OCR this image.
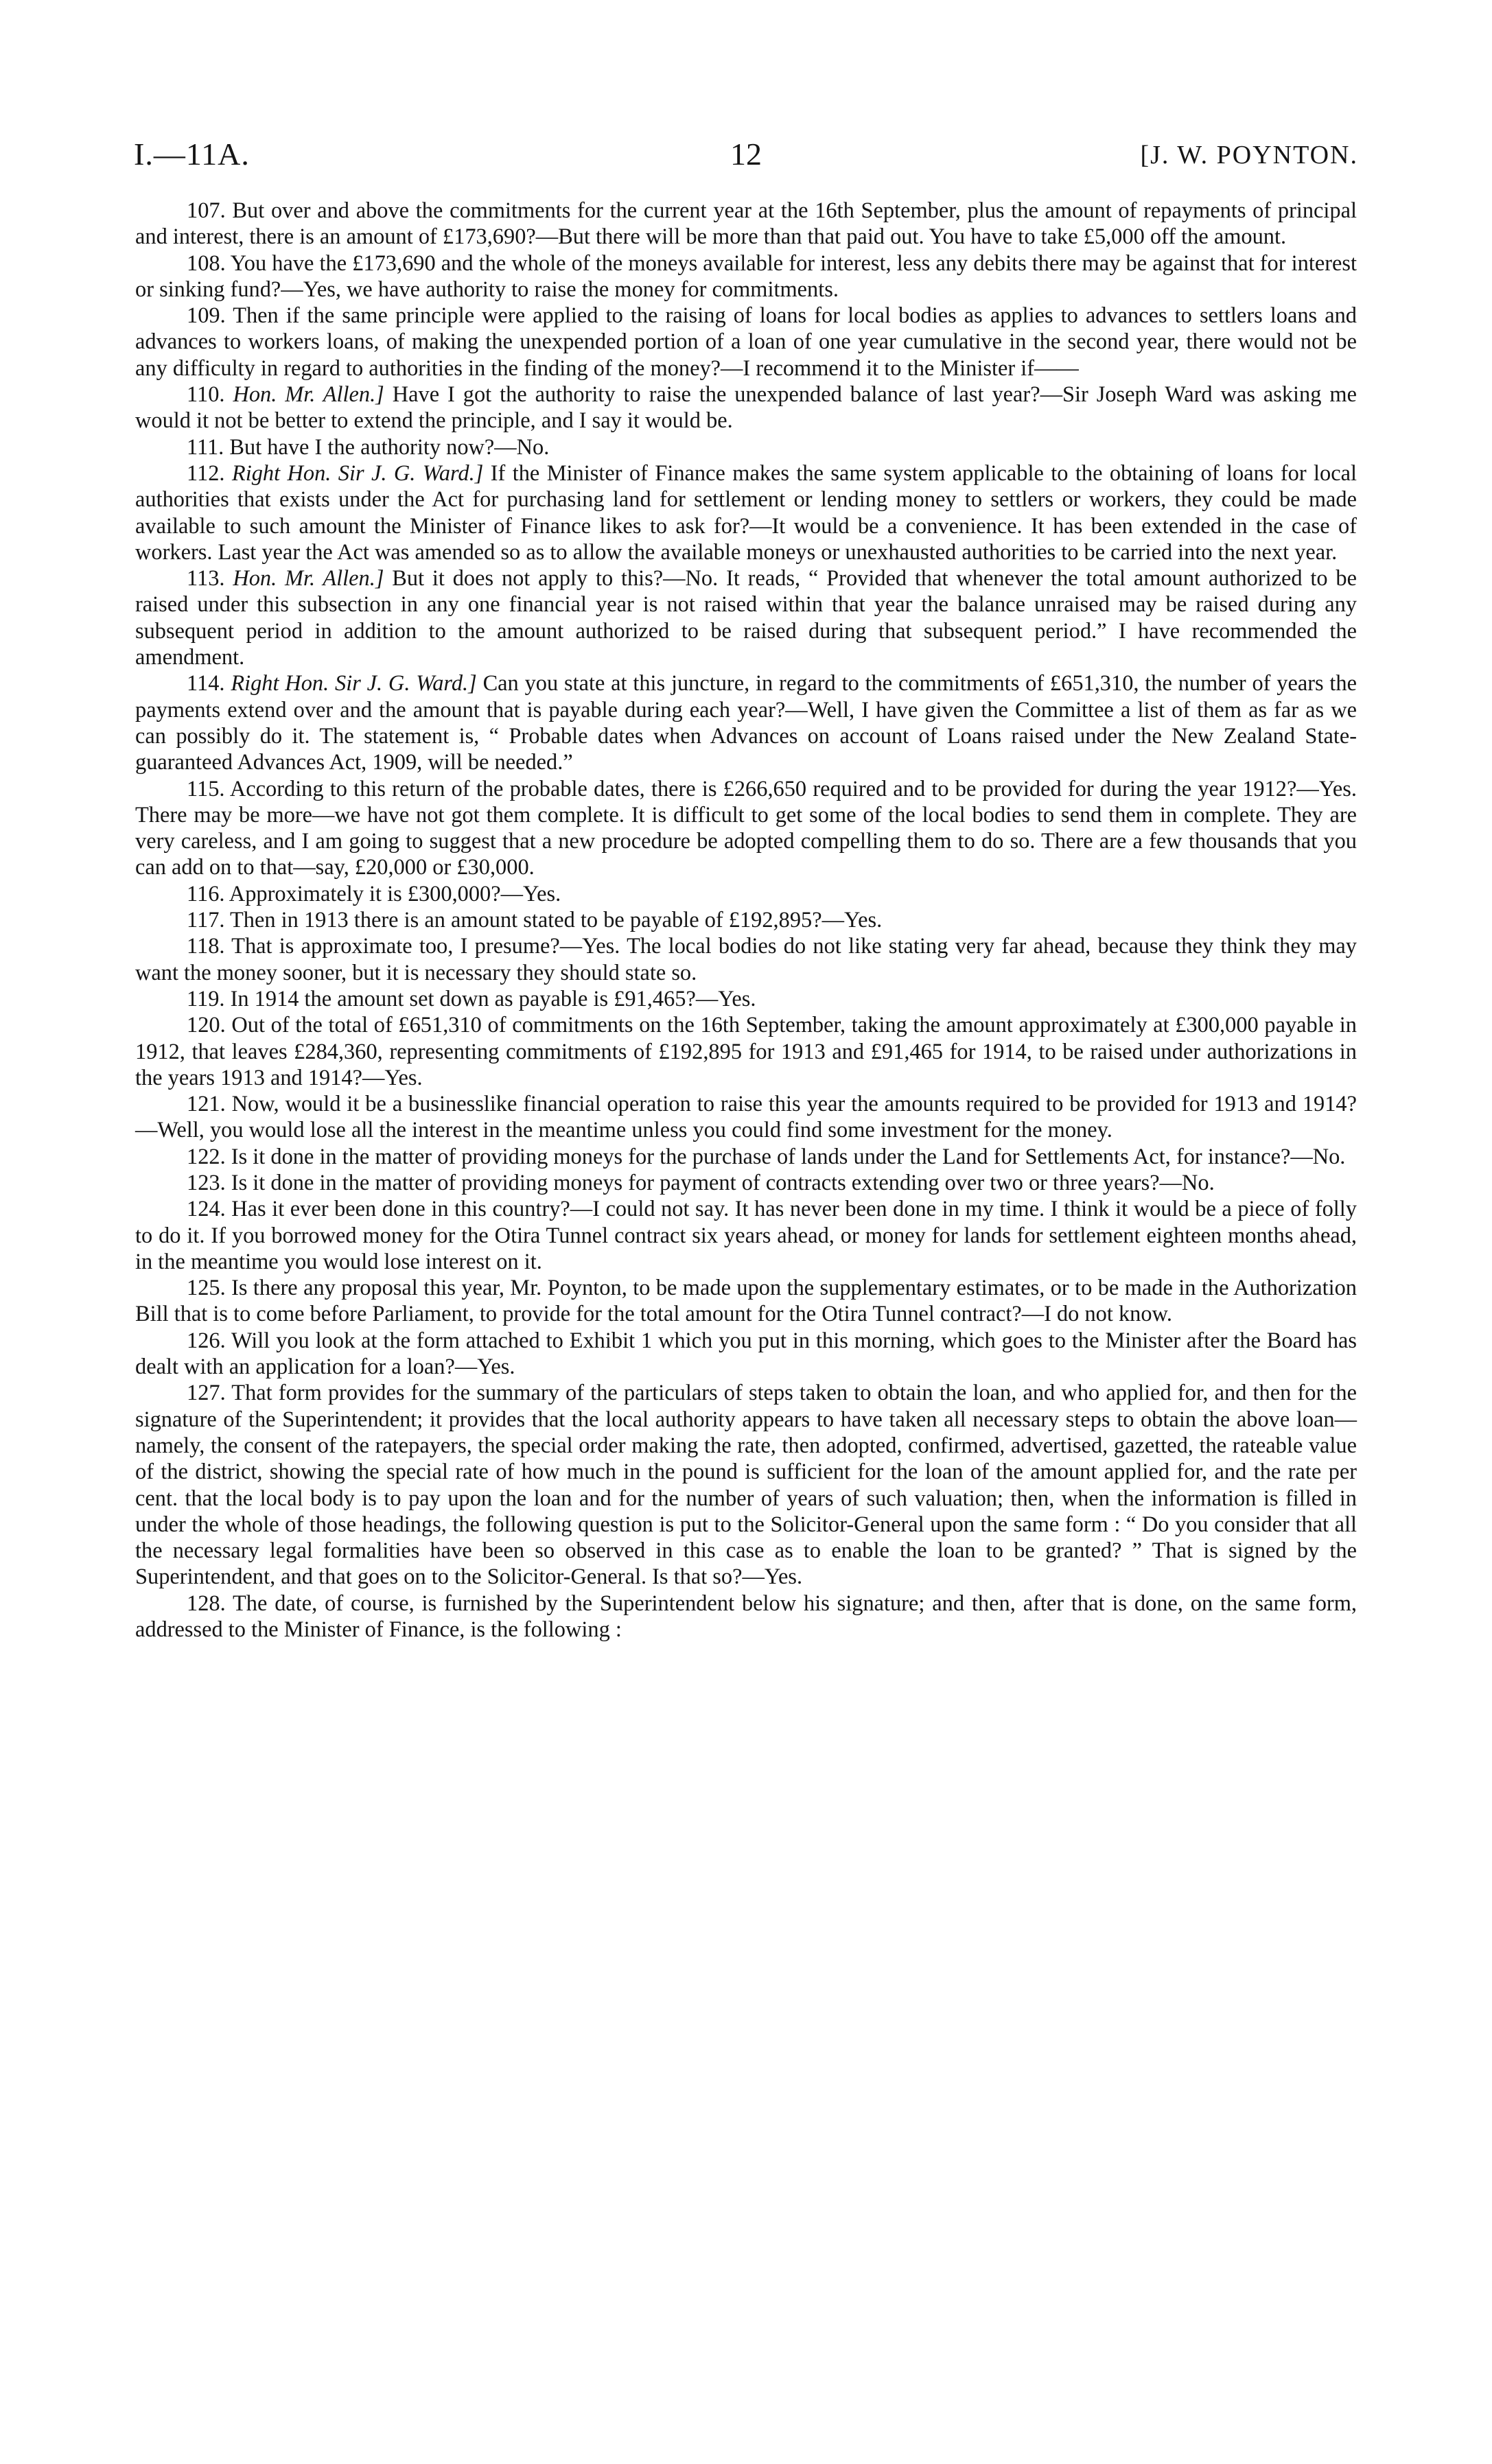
I.—11A.	12	[J. W. POYNTON.

107. But over and above the commitments for the current year at the 16th September, plus the amount of repayments of principal and interest, there is an amount of £173,690?—But there will be more than that paid out. You have to take £5,000 off the amount.

108. You have the £173,690 and the whole of the moneys available for interest, less any debits there may be against that for interest or sinking fund?—Yes, we have authority to raise the money for commitments.

109. Then if the same principle were applied to the raising of loans for local bodies as applies to advances to settlers loans and advances to workers loans, of making the unexpended portion of a loan of one year cumulative in the second year, there would not be any difficulty in regard to authorities in the finding of the money?—I recommend it to the Minister if——

110. Hon. Mr. Allen.] Have I got the authority to raise the unexpended balance of last year?—Sir Joseph Ward was asking me would it not be better to extend the principle, and I say it would be.

111. But have I the authority now?—No.

112. Right Hon. Sir J. G. Ward.] If the Minister of Finance makes the same system applicable to the obtaining of loans for local authorities that exists under the Act for purchasing land for settlement or lending money to settlers or workers, they could be made available to such amount the Minister of Finance likes to ask for?—It would be a convenience. It has been extended in the case of workers. Last year the Act was amended so as to allow the available moneys or unexhausted authorities to be carried into the next year.

113. Hon. Mr. Allen.] But it does not apply to this?—No. It reads, “ Provided that whenever the total amount authorized to be raised under this subsection in any one financial year is not raised within that year the balance unraised may be raised during any subsequent period in addition to the amount authorized to be raised during that subsequent period.” I have recommended the amendment.

114. Right Hon. Sir J. G. Ward.] Can you state at this juncture, in regard to the commitments of £651,310, the number of years the payments extend over and the amount that is payable during each year?—Well, I have given the Committee a list of them as far as we can possibly do it. The statement is, “ Probable dates when Advances on account of Loans raised under the New Zealand State-guaranteed Advances Act, 1909, will be needed.”

115. According to this return of the probable dates, there is £266,650 required and to be provided for during the year 1912?—Yes. There may be more—we have not got them complete. It is difficult to get some of the local bodies to send them in complete. They are very careless, and I am going to suggest that a new procedure be adopted compelling them to do so. There are a few thousands that you can add on to that—say, £20,000 or £30,000.

116. Approximately it is £300,000?—Yes.

117. Then in 1913 there is an amount stated to be payable of £192,895?—Yes.

118. That is approximate too, I presume?—Yes. The local bodies do not like stating very far ahead, because they think they may want the money sooner, but it is necessary they should state so.

119. In 1914 the amount set down as payable is £91,465?—Yes.

120. Out of the total of £651,310 of commitments on the 16th September, taking the amount approximately at £300,000 payable in 1912, that leaves £284,360, representing commitments of £192,895 for 1913 and £91,465 for 1914, to be raised under authorizations in the years 1913 and 1914?—Yes.

121. Now, would it be a businesslike financial operation to raise this year the amounts required to be provided for 1913 and 1914?—Well, you would lose all the interest in the meantime unless you could find some investment for the money.

122. Is it done in the matter of providing moneys for the purchase of lands under the Land for Settlements Act, for instance?—No.

123. Is it done in the matter of providing moneys for payment of contracts extending over two or three years?—No.

124. Has it ever been done in this country?—I could not say. It has never been done in my time. I think it would be a piece of folly to do it. If you borrowed money for the Otira Tunnel contract six years ahead, or money for lands for settlement eighteen months ahead, in the meantime you would lose interest on it.

125. Is there any proposal this year, Mr. Poynton, to be made upon the supplementary estimates, or to be made in the Authorization Bill that is to come before Parliament, to provide for the total amount for the Otira Tunnel contract?—I do not know.

126. Will you look at the form attached to Exhibit 1 which you put in this morning, which goes to the Minister after the Board has dealt with an application for a loan?—Yes.

127. That form provides for the summary of the particulars of steps taken to obtain the loan, and who applied for, and then for the signature of the Superintendent; it provides that the local authority appears to have taken all necessary steps to obtain the above loan—namely, the consent of the ratepayers, the special order making the rate, then adopted, confirmed, advertised, gazetted, the rateable value of the district, showing the special rate of how much in the pound is sufficient for the loan of the amount applied for, and the rate per cent. that the local body is to pay upon the loan and for the number of years of such valuation; then, when the information is filled in under the whole of those headings, the following question is put to the Solicitor-General upon the same form : “ Do you consider that all the necessary legal formalities have been so observed in this case as to enable the loan to be granted? ” That is signed by the Superintendent, and that goes on to the Solicitor-General. Is that so?—Yes.

128. The date, of course, is furnished by the Superintendent below his signature; and then, after that is done, on the same form, addressed to the Minister of Finance, is the following :
